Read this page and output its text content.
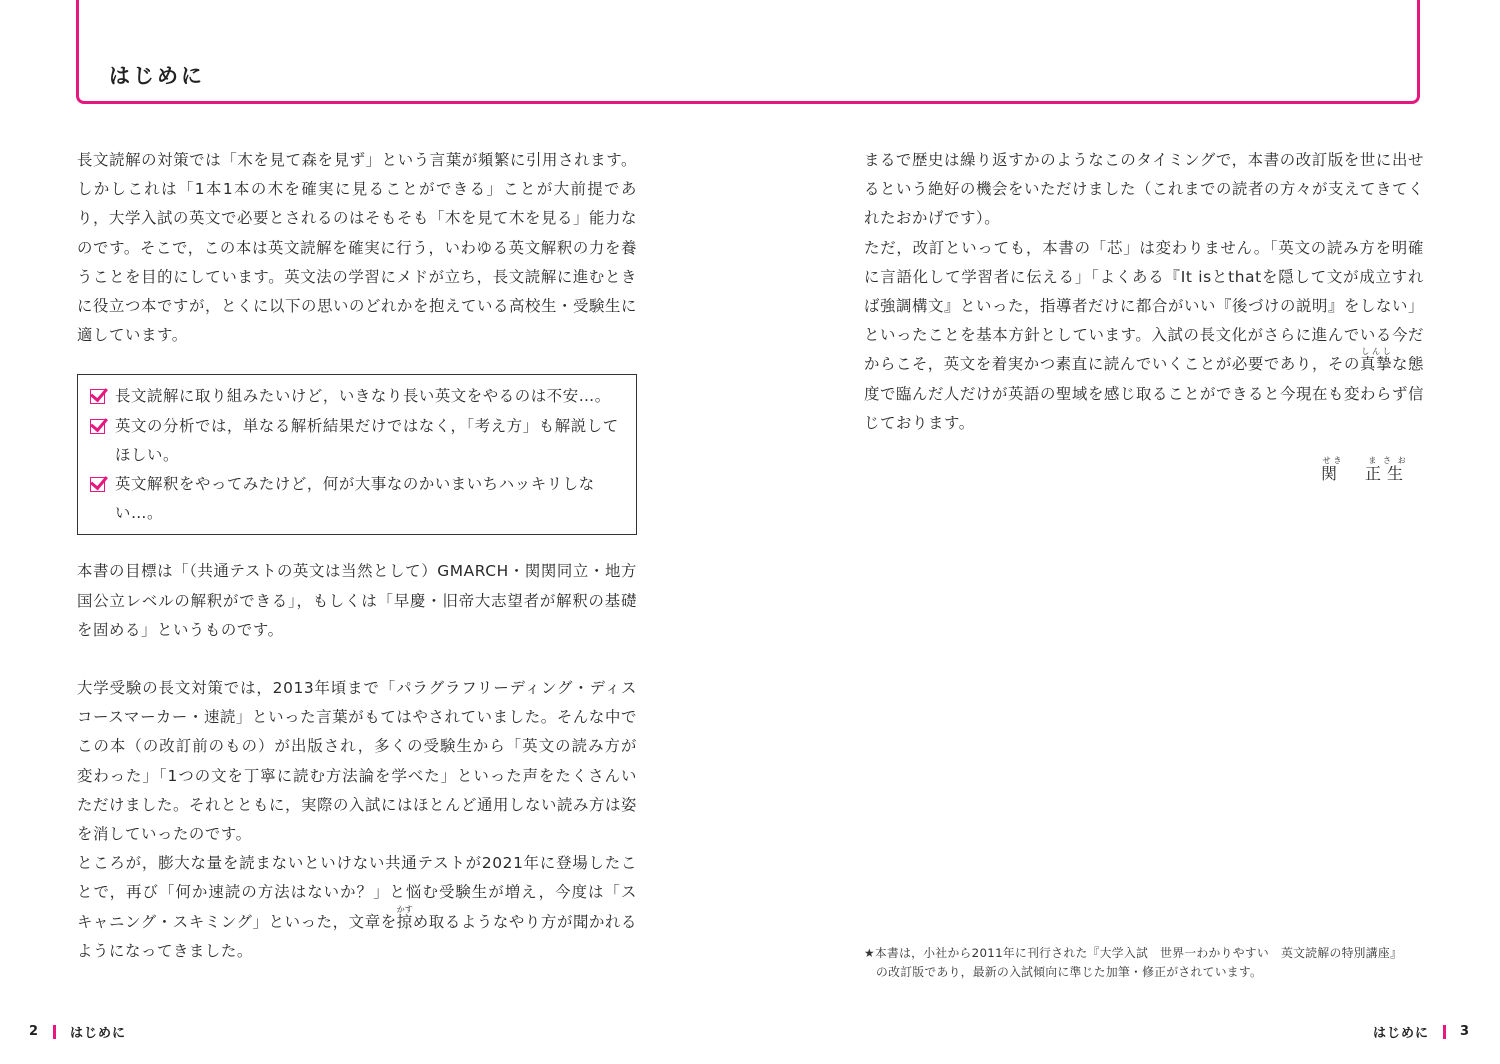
はじめに

長文読解の対策では「木を見て森を見ず」という言葉が頻繁に引用されます。しかしこれは「1本1本の木を確実に見ることができる」ことが大前提であり，大学入試の英文で必要とされるのはそもそも「木を見て木を見る」能力なのです。そこで，この本は英文読解を確実に行う，いわゆる英文解釈の力を養うことを目的にしています。英文法の学習にメドが立ち，長文読解に進むときに役立つ本ですが，とくに以下の思いのどれかを抱えている高校生・受験生に適しています。

長文読解に取り組みたいけど，いきなり長い英文をやるのは不安…。
英文の分析では，単なる解析結果だけではなく，「考え方」も解説してほしい。
英文解釈をやってみたけど，何が大事なのかいまいちハッキリしない…。

本書の目標は「（共通テストの英文は当然として）GMARCH・関関同立・地方国公立レベルの解釈ができる」，もしくは「早慶・旧帝大志望者が解釈の基礎を固める」というものです。

大学受験の長文対策では，2013年頃まで「パラグラフリーディング・ディスコースマーカー・速読」といった言葉がもてはやされていました。そんな中でこの本（の改訂前のもの）が出版され，多くの受験生から「英文の読み方が変わった」「1つの文を丁寧に読む方法論を学べた」といった声をたくさんいただけました。それとともに，実際の入試にはほとんど通用しない読み方は姿を消していったのです。

ところが，膨大な量を読まないといけない共通テストが2021年に登場したことで，再び「何か速読の方法はないか？」と悩む受験生が増え，今度は「スキャニング・スキミング」といった，文章を掠かすめ取るようなやり方が聞かれるようになってきました。

まるで歴史は繰り返すかのようなこのタイミングで，本書の改訂版を世に出せるという絶好の機会をいただけました（これまでの読者の方々が支えてきてくれたおかげです）。

ただ，改訂といっても，本書の「芯」は変わりません。「英文の読み方を明確に言語化して学習者に伝える」「よくある『It isとthatを隠して文が成立すれば強調構文』といった，指導者だけに都合がいい『後づけの説明』をしない」といったことを基本方針としています。入試の長文化がさらに進んでいる今だからこそ，英文を着実かつ素直に読んでいくことが必要であり，その真摯しんしな態度で臨んだ人だけが英語の聖域を感じ取ることができると今現在も変わらず信じております。

関せき　正生まさお
★本書は，小社から2011年に刊行された『大学入試　世界一わかりやすい　英文読解の特別講座』
の改訂版であり，最新の入試傾向に準じた加筆・修正がされています。
2 はじめに	はじめに 3
